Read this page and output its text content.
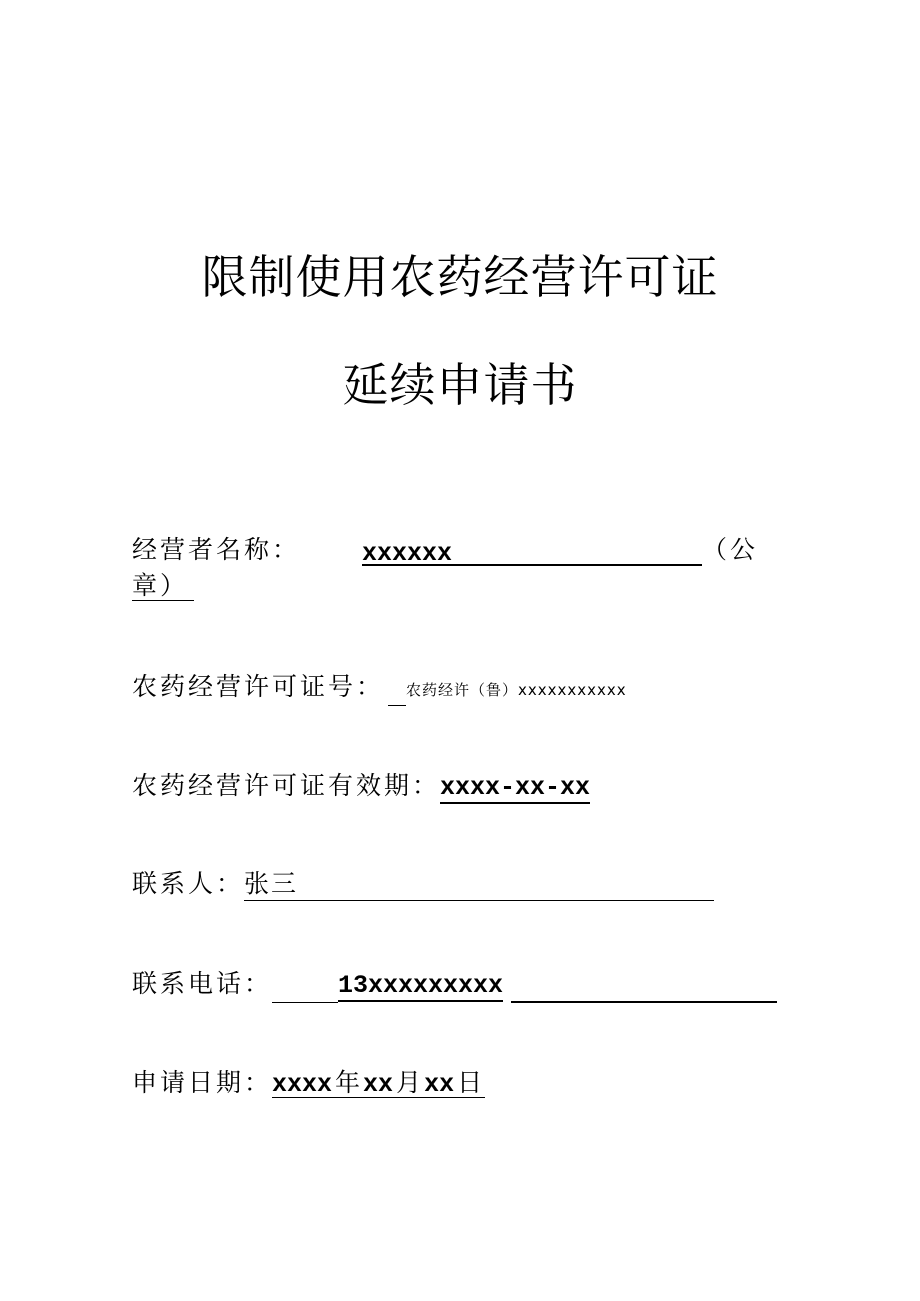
限制使用农药经营许可证
延续申请书
经营者名称： xxxxxx	（公
章）
农药经营许可证号： 农药经许（鲁）xxxxxxxxxxx
农药经营许可证有效期：xxxx-xx-xx
联系人：张三
联系电话：	13xxxxxxxxx
申请日期：xxxx 年 xx 月 xx 日
